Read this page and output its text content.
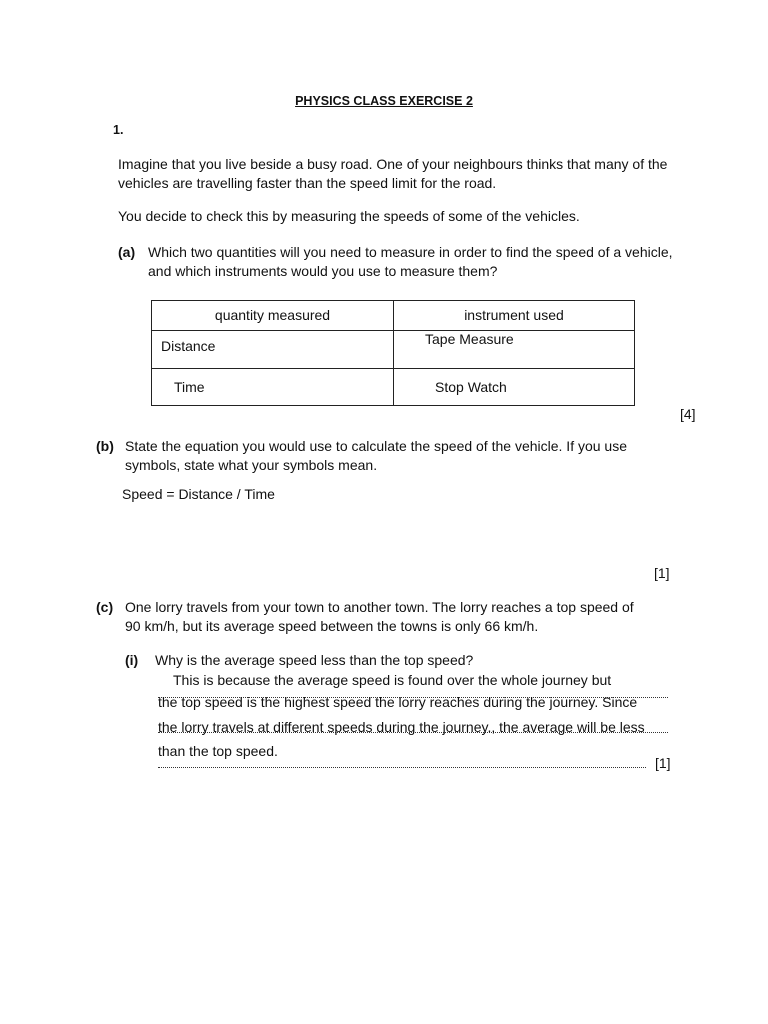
PHYSICS CLASS EXERCISE 2
1.
Imagine that you live beside a busy road. One of your neighbours thinks that many of the
vehicles are travelling faster than the speed limit for the road.
You decide to check this by measuring the speeds of some of the vehicles.
(a) Which two quantities will you need to measure in order to find the speed of a vehicle,
and which instruments would you use to measure them?
quantity measured	instrument used

Distance	Tape Measure

Time	Stop Watch
[4]
(b) State the equation you would use to calculate the speed of the vehicle. If you use
symbols, state what your symbols mean.
Speed = Distance / Time
[1]
(c) One lorry travels from your town to another town. The lorry reaches a top speed of
90 km/h, but its average speed between the towns is only 66 km/h.
(i) Why is the average speed less than the top speed?
This is because the average speed is found over the whole journey but
the top speed is the highest speed the lorry reaches during the journey. Since
the lorry travels at different speeds during the journey., the average will be less
than the top speed.
[1]
